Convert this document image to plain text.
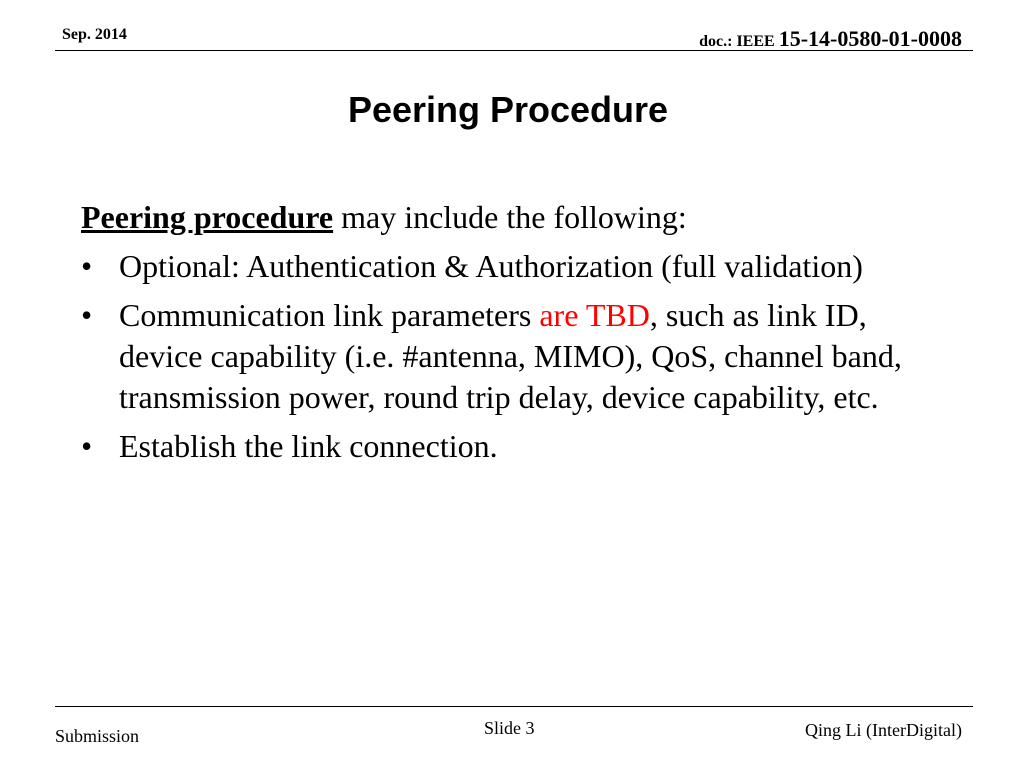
Sep. 2014	doc.: IEEE 15-14-0580-01-0008
Peering Procedure

Peering procedure may include the following:

• Optional: Authentication & Authorization (full validation)
• Communication link parameters are TBD, such as link ID, device capability (i.e. #antenna, MIMO), QoS, channel band, transmission power, round trip delay, device capability, etc.
• Establish the link connection.
Submission	Slide 3	Qing Li (InterDigital)
